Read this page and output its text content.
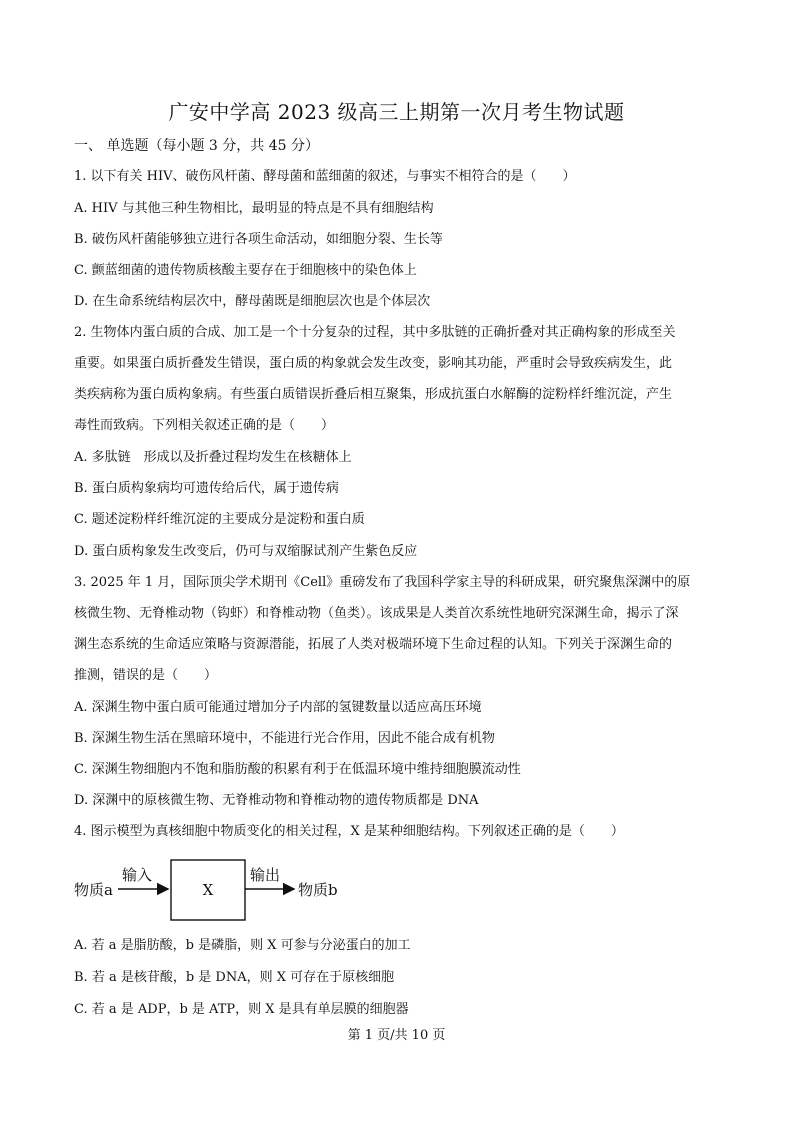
广安中学高 2023 级高三上期第一次月考生物试题
一、 单选题（每小题 3 分，共 45 分）
1. 以下有关 HIV、破伤风杆菌、酵母菌和蓝细菌的叙述，与事实不相符合的是（　　）
A. HIV 与其他三种生物相比，最明显的特点是不具有细胞结构
B. 破伤风杆菌能够独立进行各项生命活动，如细胞分裂、生长等
C. 颤蓝细菌的遗传物质核酸主要存在于细胞核中的染色体上
D. 在生命系统结构层次中，酵母菌既是细胞层次也是个体层次
2. 生物体内蛋白质的合成、加工是一个十分复杂的过程，其中多肽链的正确折叠对其正确构象的形成至关
重要。如果蛋白质折叠发生错误，蛋白质的构象就会发生改变，影响其功能，严重时会导致疾病发生，此
类疾病称为蛋白质构象病。有些蛋白质错误折叠后相互聚集，形成抗蛋白水解酶的淀粉样纤维沉淀，产生
毒性而致病。下列相关叙述正确的是（　　）
A. 多肽链　形成以及折叠过程均发生在核糖体上
B. 蛋白质构象病均可遗传给后代，属于遗传病
C. 题述淀粉样纤维沉淀的主要成分是淀粉和蛋白质
D. 蛋白质构象发生改变后，仍可与双缩脲试剂产生紫色反应
3. 2025 年 1 月，国际顶尖学术期刊《Cell》重磅发布了我国科学家主导的科研成果，研究聚焦深渊中的原
核微生物、无脊椎动物（钩虾）和脊椎动物（鱼类）。该成果是人类首次系统性地研究深渊生命，揭示了深
渊生态系统的生命适应策略与资源潜能，拓展了人类对极端环境下生命过程的认知。下列关于深渊生命的
推测，错误的是（　　）
A. 深渊生物中蛋白质可能通过增加分子内部的氢键数量以适应高压环境
B. 深渊生物生活在黑暗环境中，不能进行光合作用，因此不能合成有机物
C. 深渊生物细胞内不饱和脂肪酸的积累有利于在低温环境中维持细胞膜流动性
D. 深渊中的原核微生物、无脊椎动物和脊椎动物的遗传物质都是 DNA
4. 图示模型为真核细胞中物质变化的相关过程，X 是某种细胞结构。下列叙述正确的是（　　）
物质a
输入
X
输出
物质b
A. 若 a 是脂肪酸，b 是磷脂，则 X 可参与分泌蛋白的加工
B. 若 a 是核苷酸，b 是 DNA，则 X 可存在于原核细胞
C. 若 a 是 ADP，b 是 ATP，则 X 是具有单层膜的细胞器
第 1 页/共 10 页
